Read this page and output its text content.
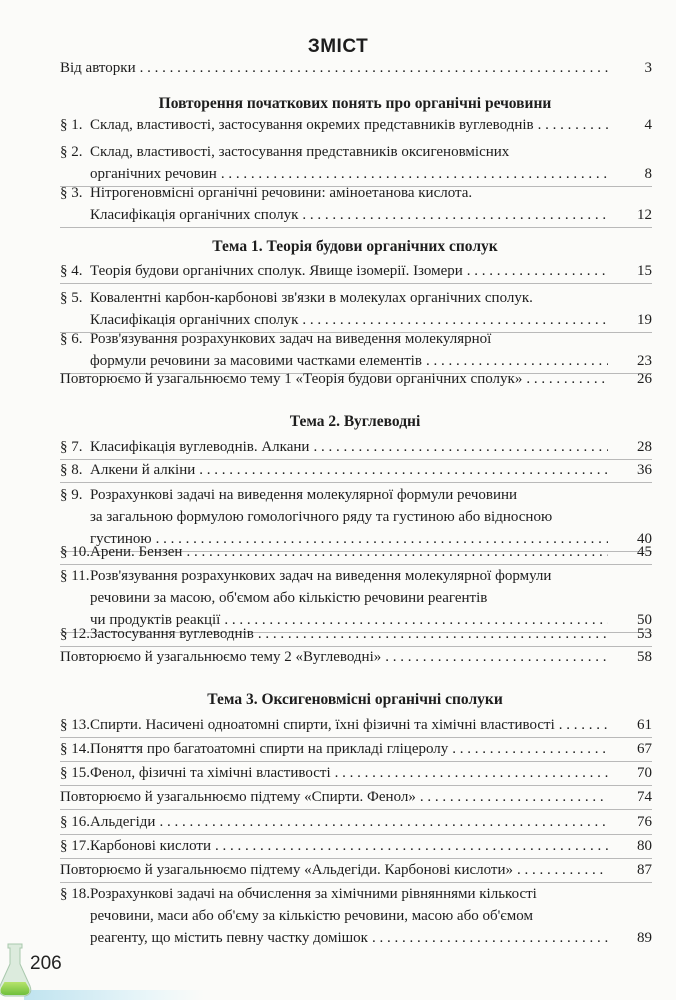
ЗМІСТ
Від авторки . . .	3
Повторення початкових понять про органічні речовини
§ 1. Склад, властивості, застосування окремих представників вуглеводнів . . .	4
§ 2. Склад, властивості, застосування представників оксигеновмісних
органічних речовин . . .	8
§ 3. Нітрогеновмісні органічні речовини: аміноетанова кислота.
Класифікація органічних сполук . . .	12
Тема 1. Теорія будови органічних сполук
§ 4. Теорія будови органічних сполук. Явище ізомерії. Ізомери . . .	15
§ 5. Ковалентні карбон-карбонові зв'язки в молекулах органічних сполук.
Класифікація органічних сполук . . .	19
§ 6. Розв'язування розрахункових задач на виведення молекулярної
формули речовини за масовими частками елементів . . .	23
Повторюємо й узагальнюємо тему 1 «Теорія будови органічних сполук» . . .	26
Тема 2. Вуглеводні
§ 7. Класифікація вуглеводнів. Алкани . . .	28
§ 8. Алкени й алкіни . . .	36
§ 9. Розрахункові задачі на виведення молекулярної формули речовини
за загальною формулою гомологічного ряду та густиною або відносною
густиною . . .	40
§ 10. Арени. Бензен . . .	45
§ 11. Розв'язування розрахункових задач на виведення молекулярної формули
речовини за масою, об'ємом або кількістю речовини реагентів
чи продуктів реакції . . .	50
§ 12. Застосування вуглеводнів . . .	53
Повторюємо й узагальнюємо тему 2 «Вуглеводні» . . .	58
Тема 3. Оксигеновмісні органічні сполуки
§ 13. Спирти. Насичені одноатомні спирти, їхні фізичні та хімічні властивості . . .	61
§ 14. Поняття про багатоатомні спирти на прикладі гліцеролу . . .	67
§ 15. Фенол, фізичні та хімічні властивості . . .	70
Повторюємо й узагальнюємо підтему «Спирти. Фенол» . . .	74
§ 16. Альдегіди . . .	76
§ 17. Карбонові кислоти . . .	80
Повторюємо й узагальнюємо підтему «Альдегіди. Карбонові кислоти» . . .	87
§ 18. Розрахункові задачі на обчислення за хімічними рівняннями кількості
речовини, маси або об'єму за кількістю речовини, масою або об'ємом
реагенту, що містить певну частку домішок . . .	89
206
